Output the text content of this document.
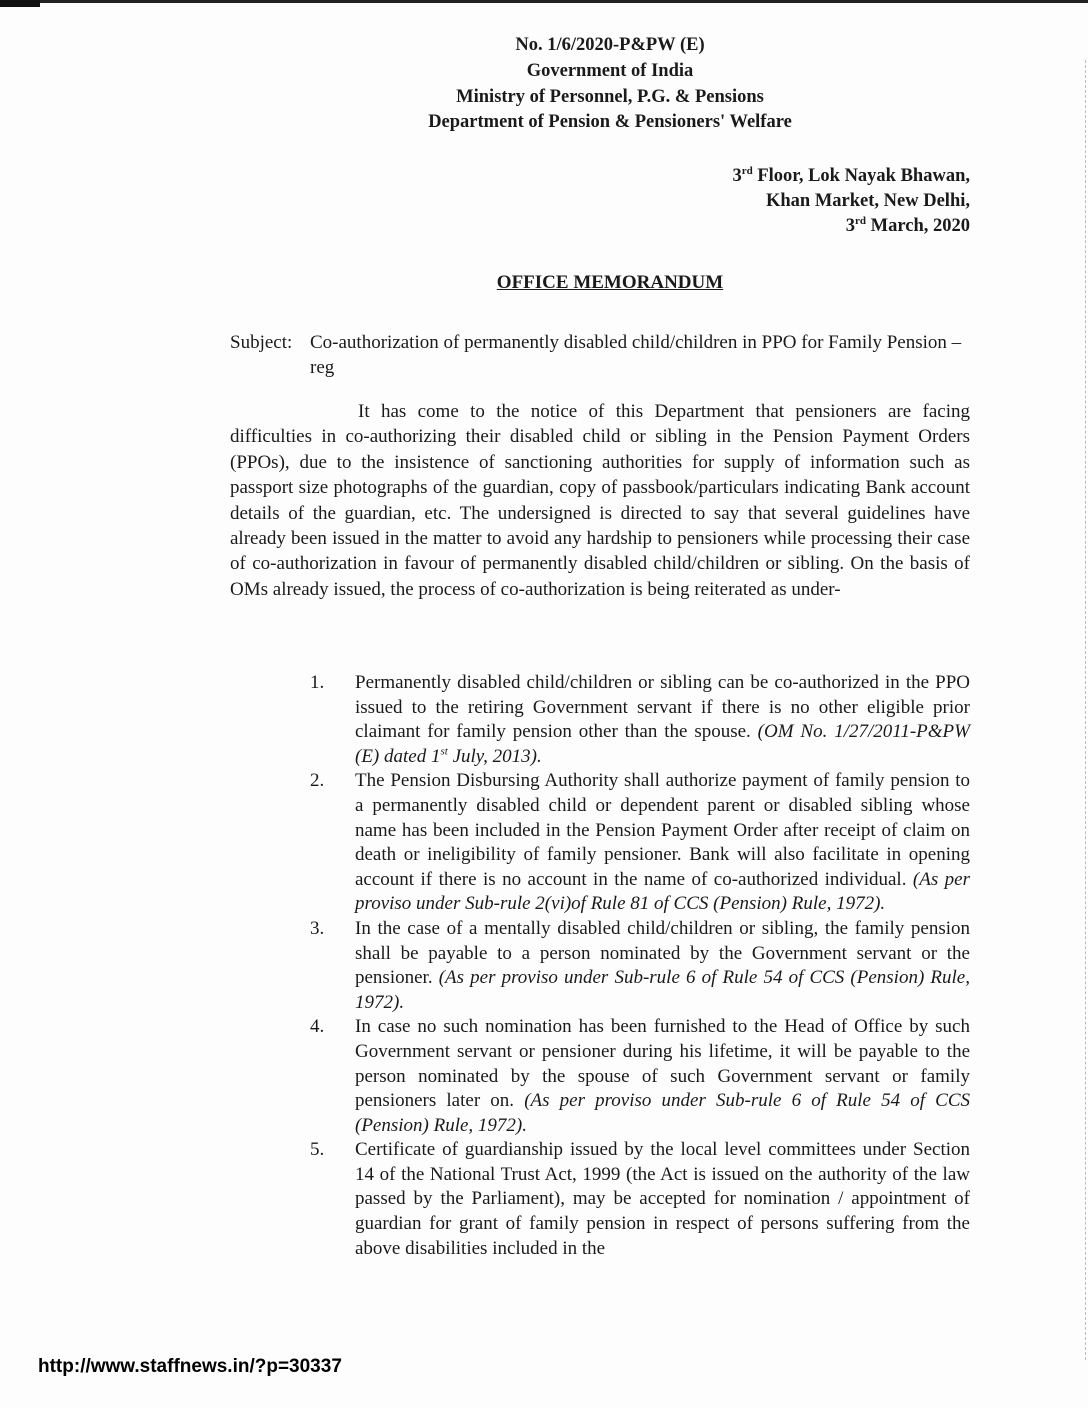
No. 1/6/2020-P&PW (E)
Government of India
Ministry of Personnel, P.G. & Pensions
Department of Pension & Pensioners' Welfare
3rd Floor, Lok Nayak Bhawan,
Khan Market, New Delhi,
3rd March, 2020
OFFICE MEMORANDUM
Subject: Co-authorization of permanently disabled child/children in PPO for Family Pension – reg

It has come to the notice of this Department that pensioners are facing difficulties in co-authorizing their disabled child or sibling in the Pension Payment Orders (PPOs), due to the insistence of sanctioning authorities for supply of information such as passport size photographs of the guardian, copy of passbook/particulars indicating Bank account details of the guardian, etc. The undersigned is directed to say that several guidelines have already been issued in the matter to avoid any hardship to pensioners while processing their case of co-authorization in favour of permanently disabled child/children or sibling. On the basis of OMs already issued, the process of co-authorization is being reiterated as under-

1.	Permanently disabled child/children or sibling can be co-authorized in the PPO issued to the retiring Government servant if there is no other eligible prior claimant for family pension other than the spouse. (OM No. 1/27/2011-P&PW (E) dated 1st July, 2013).
2.	The Pension Disbursing Authority shall authorize payment of family pension to a permanently disabled child or dependent parent or disabled sibling whose name has been included in the Pension Payment Order after receipt of claim on death or ineligibility of family pensioner. Bank will also facilitate in opening account if there is no account in the name of co-authorized individual. (As per proviso under Sub-rule 2(vi)of Rule 81 of CCS (Pension) Rule, 1972).
3.	In the case of a mentally disabled child/children or sibling, the family pension shall be payable to a person nominated by the Government servant or the pensioner. (As per proviso under Sub-rule 6 of Rule 54 of CCS (Pension) Rule, 1972).
4.	In case no such nomination has been furnished to the Head of Office by such Government servant or pensioner during his lifetime, it will be payable to the person nominated by the spouse of such Government servant or family pensioners later on. (As per proviso under Sub-rule 6 of Rule 54 of CCS (Pension) Rule, 1972).
5.	Certificate of guardianship issued by the local level committees under Section 14 of the National Trust Act, 1999 (the Act is issued on the authority of the law passed by the Parliament), may be accepted for nomination / appointment of guardian for grant of family pension in respect of persons suffering from the above disabilities included in the
http://www.staffnews.in/?p=30337
